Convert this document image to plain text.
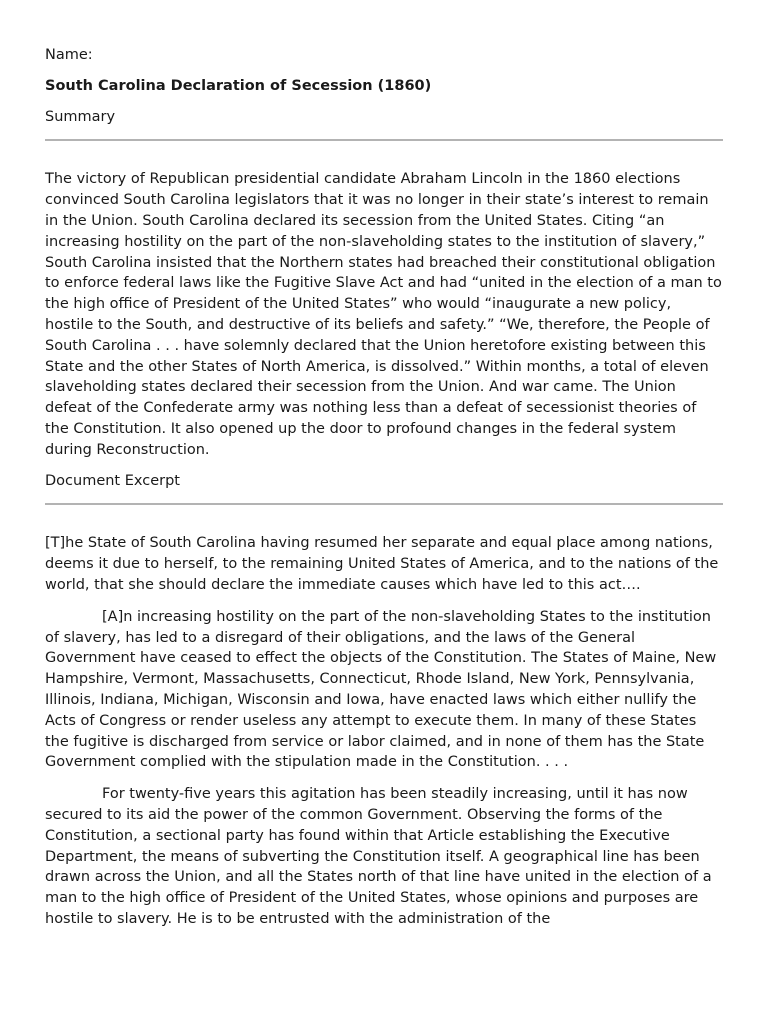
Name:

South Carolina Declaration of Secession (1860)

Summary

The victory of Republican presidential candidate Abraham Lincoln in the 1860 elections convinced South Carolina legislators that it was no longer in their state’s interest to remain in the Union. South Carolina declared its secession from the United States. Citing “an increasing hostility on the part of the non-slaveholding states to the institution of slavery,” South Carolina insisted that the Northern states had breached their constitutional obligation to enforce federal laws like the Fugitive Slave Act and had “united in the election of a man to the high office of President of the United States” who would “inaugurate a new policy, hostile to the South, and destructive of its beliefs and safety.” “We, therefore, the People of South Carolina . . . have solemnly declared that the Union heretofore existing between this State and the other States of North America, is dissolved.” Within months, a total of eleven slaveholding states declared their secession from the Union. And war came. The Union defeat of the Confederate army was nothing less than a defeat of secessionist theories of the Constitution. It also opened up the door to profound changes in the federal system during Reconstruction.

Document Excerpt

[T]he State of South Carolina having resumed her separate and equal place among nations, deems it due to herself, to the remaining United States of America, and to the nations of the world, that she should declare the immediate causes which have led to this act….

[A]n increasing hostility on the part of the non-slaveholding States to the institution of slavery, has led to a disregard of their obligations, and the laws of the General Government have ceased to effect the objects of the Constitution. The States of Maine, New Hampshire, Vermont, Massachusetts, Connecticut, Rhode Island, New York, Pennsylvania, Illinois, Indiana, Michigan, Wisconsin and Iowa, have enacted laws which either nullify the Acts of Congress or render useless any attempt to execute them. In many of these States the fugitive is discharged from service or labor claimed, and in none of them has the State Government complied with the stipulation made in the Constitution. . . .

For twenty-five years this agitation has been steadily increasing, until it has now secured to its aid the power of the common Government. Observing the forms of the Constitution, a sectional party has found within that Article establishing the Executive Department, the means of subverting the Constitution itself. A geographical line has been drawn across the Union, and all the States north of that line have united in the election of a man to the high office of President of the United States, whose opinions and purposes are hostile to slavery. He is to be entrusted with the administration of the
